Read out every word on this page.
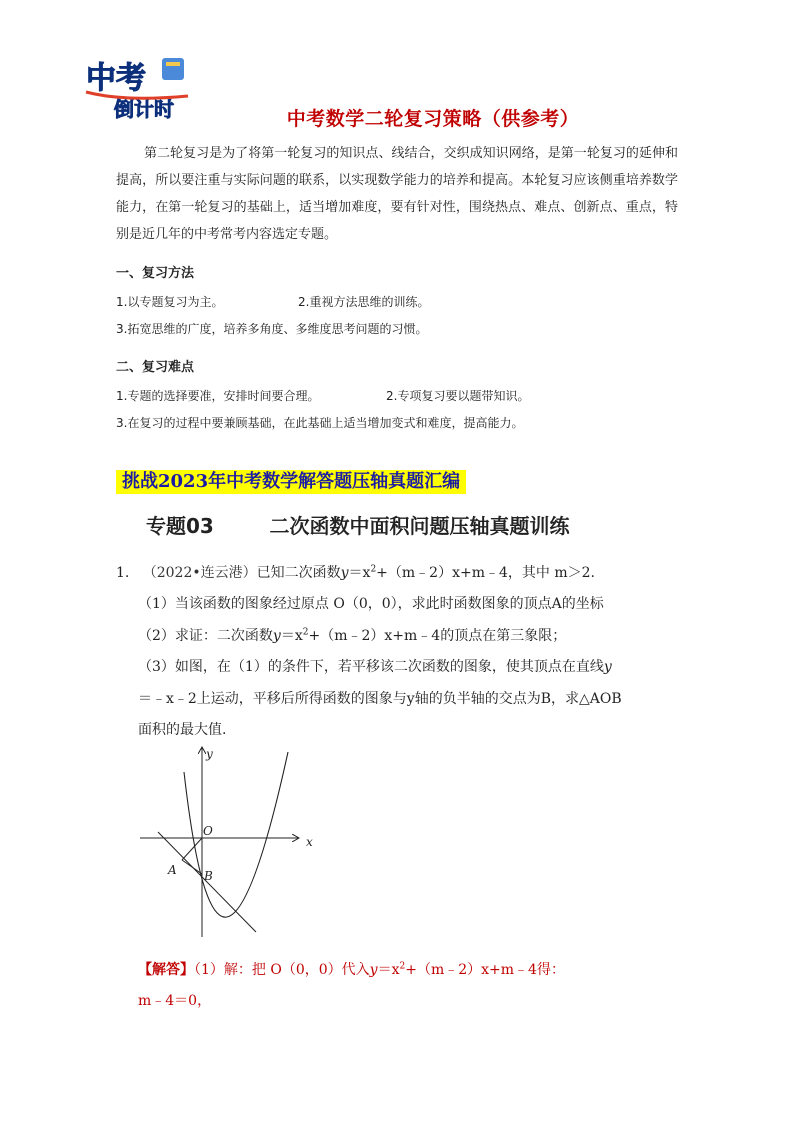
中考
倒计时	中考数学二轮复习策略（供参考）
第二轮复习是为了将第一轮复习的知识点、线结合，交织成知识网络，是第一轮复习的延伸和提高，所以要注重与实际问题的联系，以实现数学能力的培养和提高。本轮复习应该侧重培养数学能力，在第一轮复习的基础上，适当增加难度，要有针对性，围绕热点、难点、创新点、重点，特别是近几年的中考常考内容选定专题。
一、复习方法
1.以专题复习为主。	2.重视方法思维的训练。
3.拓宽思维的广度，培养多角度、多维度思考问题的习惯。
二、复习难点
1.专题的选择要准，安排时间要合理。	2.专项复习要以题带知识。
3.在复习的过程中要兼顾基础，在此基础上适当增加变式和难度，提高能力。
挑战2023年中考数学解答题压轴真题汇编
专题03	二次函数中面积问题压轴真题训练
1. （2022•连云港）已知二次函数$y=x^2+(m﹣2)x+m﹣4$，其中 m＞2.
（1）当该函数的图象经过原点 O（0，0），求此时函数图象的顶点A的坐标
（2）求证：二次函数$y=x^2+(m﹣2)x+m﹣4$的顶点在第三象限；
（3）如图，在（1）的条件下，若平移该二次函数的图象，使其顶点在直线y
＝﹣x﹣2上运动，平移后所得函数的图象与y轴的负半轴的交点为B，求△AOB
面积的最大值.
y
x
O
A B
【解答】（1）解：把 O（0，0）代入$y=x^2+(m﹣2)x+m﹣4$得：
m﹣4＝0，
